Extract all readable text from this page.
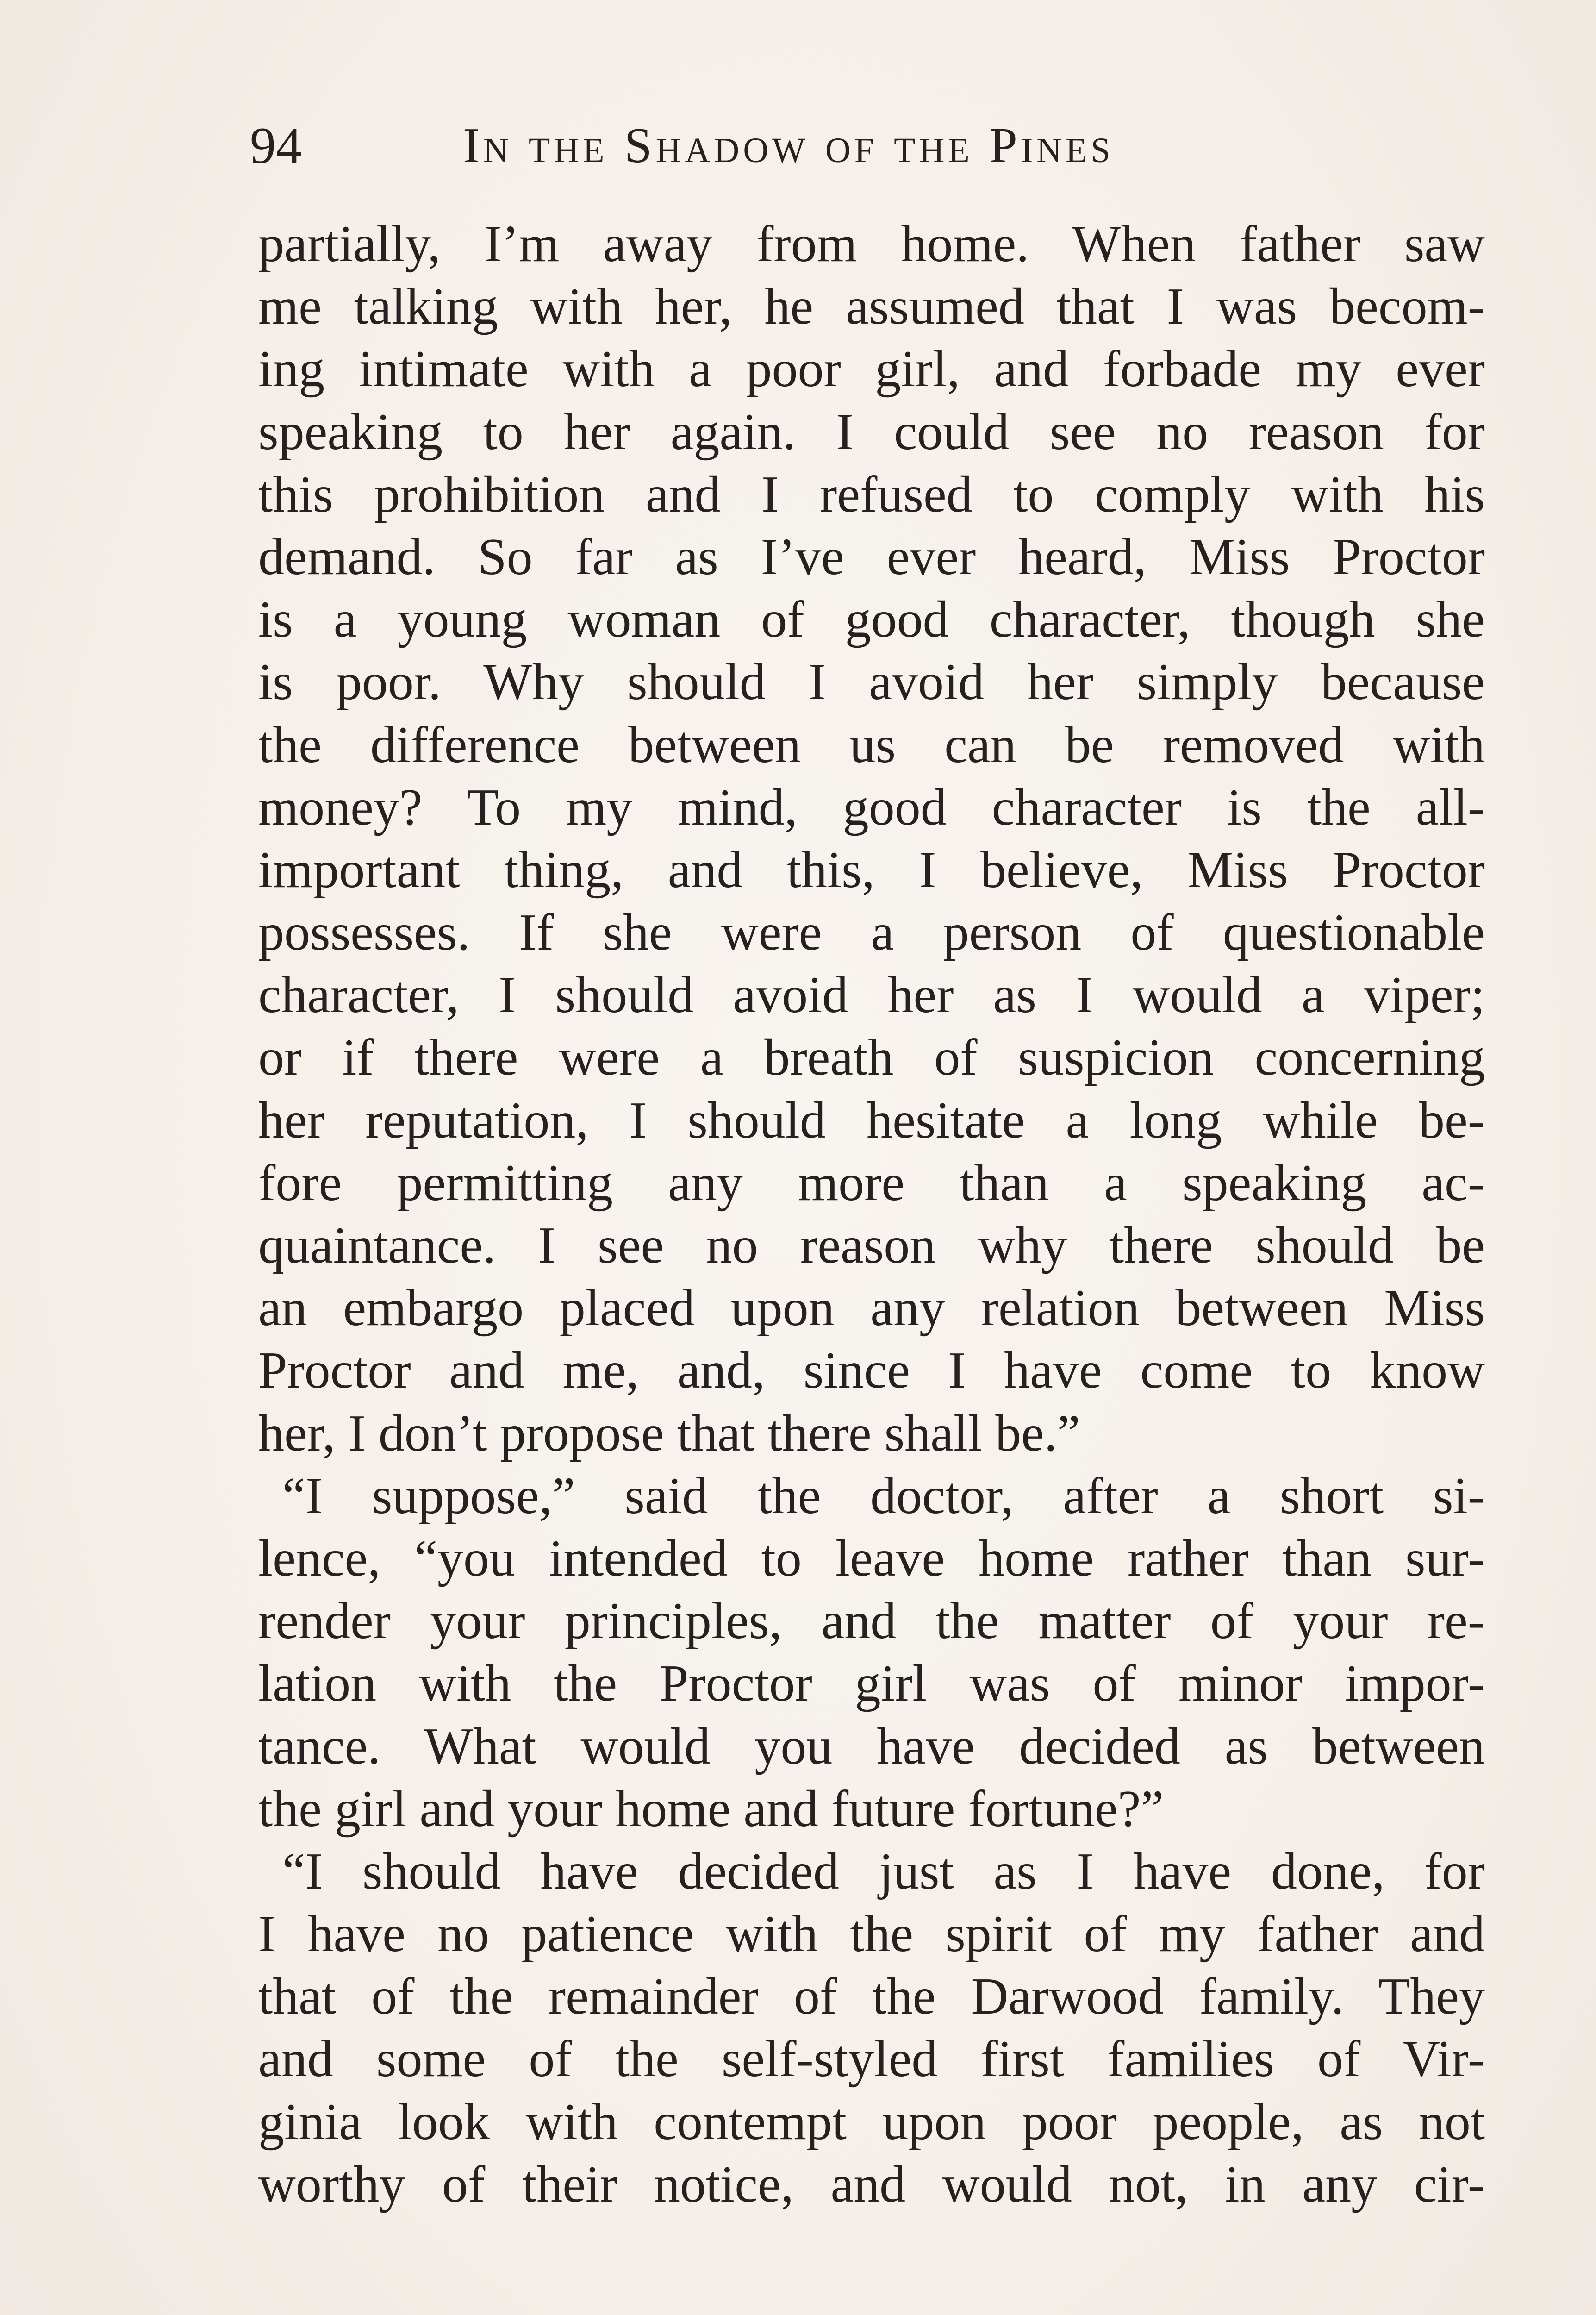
94	In the Shadow of the Pines
partially, I’m away from home. When father saw
me talking with her, he assumed that I was becom-
ing intimate with a poor girl, and forbade my ever
speaking to her again. I could see no reason for
this prohibition and I refused to comply with his
demand. So far as I’ve ever heard, Miss Proctor
is a young woman of good character, though she
is poor. Why should I avoid her simply because
the difference between us can be removed with
money? To my mind, good character is the all-
important thing, and this, I believe, Miss Proctor
possesses. If she were a person of questionable
character, I should avoid her as I would a viper;
or if there were a breath of suspicion concerning
her reputation, I should hesitate a long while be-
fore permitting any more than a speaking ac-
quaintance. I see no reason why there should be
an embargo placed upon any relation between Miss
Proctor and me, and, since I have come to know
her, I don’t propose that there shall be.”
“I suppose,” said the doctor, after a short si-
lence, “you intended to leave home rather than sur-
render your principles, and the matter of your re-
lation with the Proctor girl was of minor impor-
tance. What would you have decided as between
the girl and your home and future fortune?”
“I should have decided just as I have done, for
I have no patience with the spirit of my father and
that of the remainder of the Darwood family. They
and some of the self-styled first families of Vir-
ginia look with contempt upon poor people, as not
worthy of their notice, and would not, in any cir-
